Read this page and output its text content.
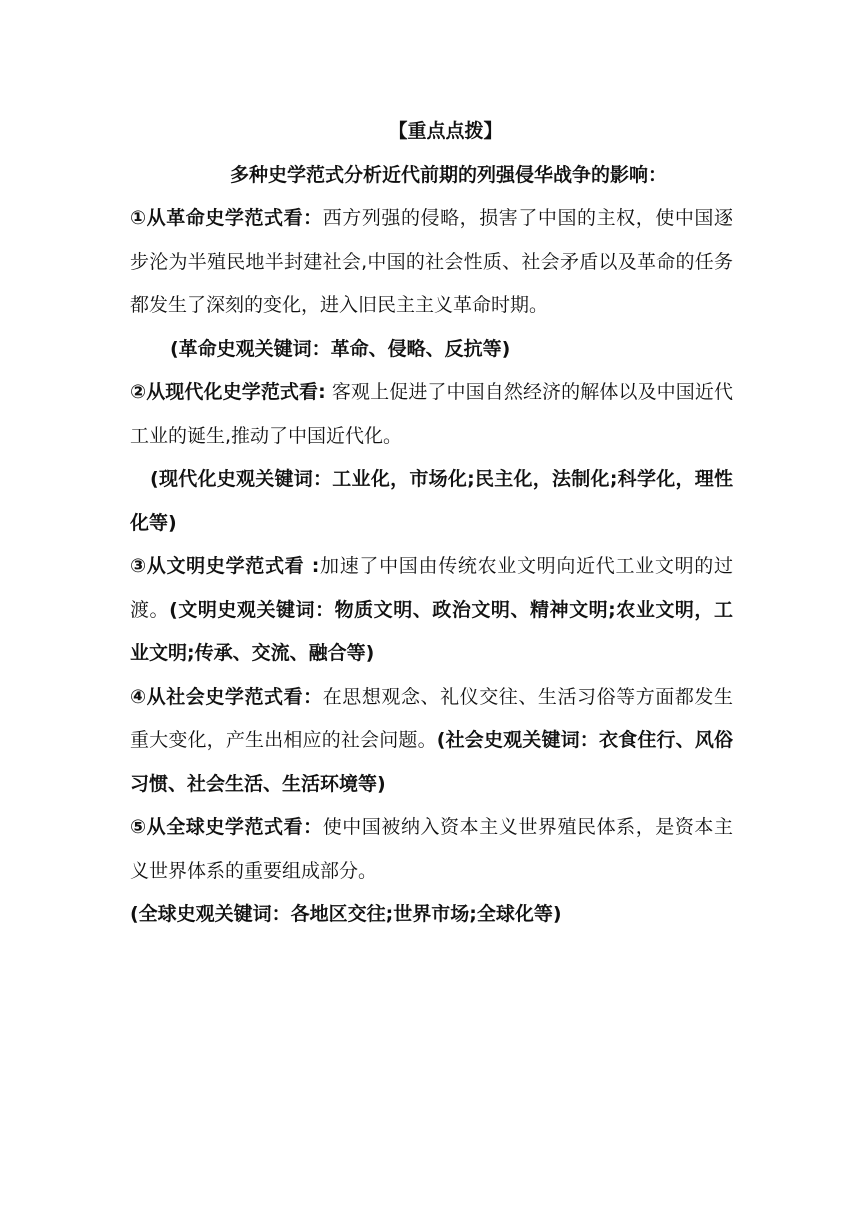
【重点点拨】

多种史学范式分析近代前期的列强侵华战争的影响：

①从革命史学范式看：西方列强的侵略，损害了中国的主权，使中国逐步沦为半殖民地半封建社会,中国的社会性质、社会矛盾以及革命的任务都发生了深刻的变化，进入旧民主主义革命时期。

(革命史观关键词：革命、侵略、反抗等)

②从现代化史学范式看: 客观上促进了中国自然经济的解体以及中国近代工业的诞生,推动了中国近代化。

(现代化史观关键词：工业化，市场化;民主化，法制化;科学化，理性化等)

③从文明史学范式看 :加速了中国由传统农业文明向近代工业文明的过渡。(文明史观关键词：物质文明、政治文明、精神文明;农业文明，工业文明;传承、交流、融合等)

④从社会史学范式看：在思想观念、礼仪交往、生活习俗等方面都发生重大变化，产生出相应的社会问题。(社会史观关键词：衣食住行、风俗习惯、社会生活、生活环境等)

⑤从全球史学范式看：使中国被纳入资本主义世界殖民体系，是资本主义世界体系的重要组成部分。

(全球史观关键词：各地区交往;世界市场;全球化等)
